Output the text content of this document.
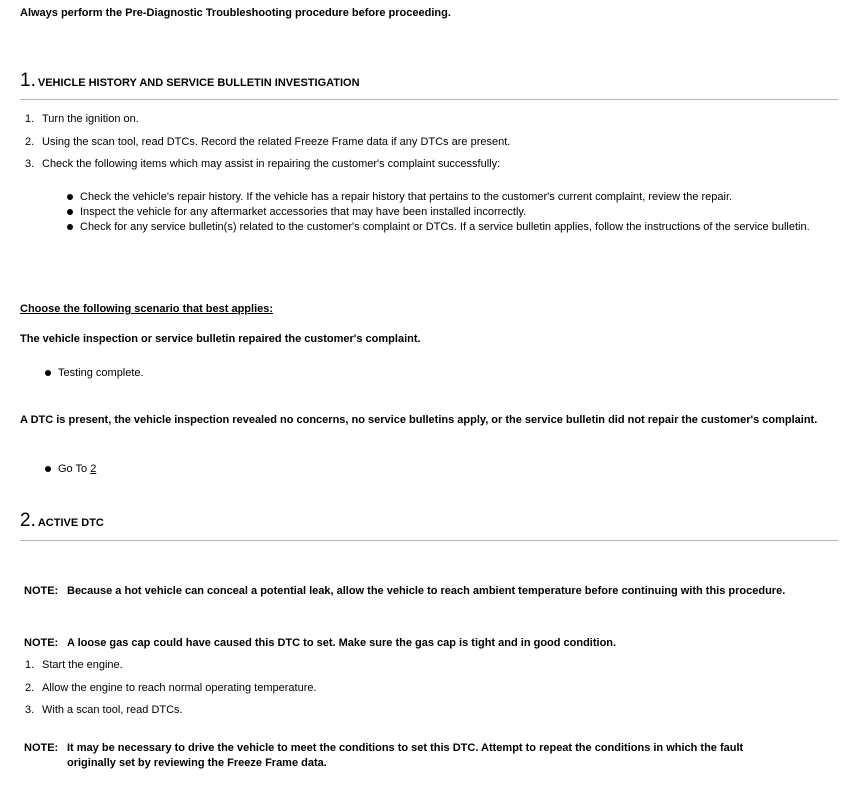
Always perform the Pre-Diagnostic Troubleshooting procedure before proceeding.
1. VEHICLE HISTORY AND SERVICE BULLETIN INVESTIGATION
1. Turn the ignition on.
2. Using the scan tool, read DTCs. Record the related Freeze Frame data if any DTCs are present.
3. Check the following items which may assist in repairing the customer's complaint successfully:
Check the vehicle's repair history. If the vehicle has a repair history that pertains to the customer's current complaint, review the repair.
Inspect the vehicle for any aftermarket accessories that may have been installed incorrectly.
Check for any service bulletin(s) related to the customer's complaint or DTCs. If a service bulletin applies, follow the instructions of the service bulletin.
Choose the following scenario that best applies:
The vehicle inspection or service bulletin repaired the customer's complaint.
Testing complete.
A DTC is present, the vehicle inspection revealed no concerns, no service bulletins apply, or the service bulletin did not repair the customer's complaint.
Go To
2
2. ACTIVE DTC
NOTE: Because a hot vehicle can conceal a potential leak, allow the vehicle to reach ambient temperature before continuing with this procedure.
NOTE: A loose gas cap could have caused this DTC to set. Make sure the gas cap is tight and in good condition.
1. Start the engine.
2. Allow the engine to reach normal operating temperature.
3. With a scan tool, read DTCs.
NOTE: It may be necessary to drive the vehicle to meet the conditions to set this DTC. Attempt to repeat the conditions in which the fault originally set by reviewing the Freeze Frame data.
